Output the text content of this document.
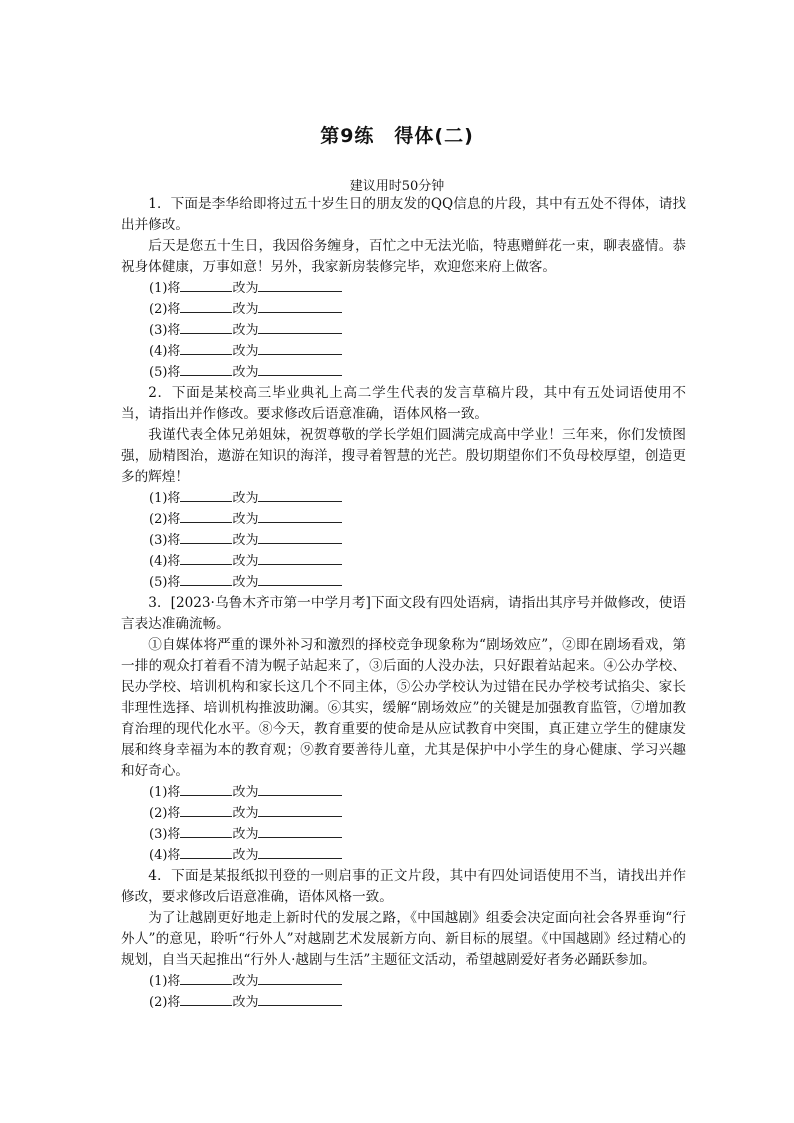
第9练　得体(二)
建议用时50分钟

1．下面是李华给即将过五十岁生日的朋友发的QQ信息的片段，其中有五处不得体，请找出并修改。

后天是您五十生日，我因俗务缠身，百忙之中无法光临，特惠赠鲜花一束，聊表盛情。恭祝身体健康，万事如意！另外，我家新房装修完毕，欢迎您来府上做客。

(1)将	改为
(2)将	改为
(3)将	改为
(4)将	改为
(5)将	改为

2．下面是某校高三毕业典礼上高二学生代表的发言草稿片段，其中有五处词语使用不当，请指出并作修改。要求修改后语意准确，语体风格一致。

我谨代表全体兄弟姐妹，祝贺尊敬的学长学姐们圆满完成高中学业！三年来，你们发愤图强，励精图治，遨游在知识的海洋，搜寻着智慧的光芒。殷切期望你们不负母校厚望，创造更多的辉煌！

(1)将	改为
(2)将	改为
(3)将	改为
(4)将	改为
(5)将	改为

3．[2023·乌鲁木齐市第一中学月考]下面文段有四处语病，请指出其序号并做修改，使语言表达准确流畅。

①自媒体将严重的课外补习和激烈的择校竞争现象称为“剧场效应”，②即在剧场看戏，第一排的观众打着看不清为幌子站起来了，③后面的人没办法，只好跟着站起来。④公办学校、民办学校、培训机构和家长这几个不同主体，⑤公办学校认为过错在民办学校考试掐尖、家长非理性选择、培训机构推波助澜。⑥其实，缓解“剧场效应”的关键是加强教育监管，⑦增加教育治理的现代化水平。⑧今天，教育重要的使命是从应试教育中突围，真正建立学生的健康发展和终身幸福为本的教育观；⑨教育要善待儿童，尤其是保护中小学生的身心健康、学习兴趣和好奇心。

(1)将	改为
(2)将	改为
(3)将	改为
(4)将	改为

4．下面是某报纸拟刊登的一则启事的正文片段，其中有四处词语使用不当，请找出并作修改，要求修改后语意准确，语体风格一致。

为了让越剧更好地走上新时代的发展之路，《中国越剧》组委会决定面向社会各界垂询“行外人”的意见，聆听“行外人”对越剧艺术发展新方向、新目标的展望。《中国越剧》经过精心的规划，自当天起推出“行外人·越剧与生活”主题征文活动，希望越剧爱好者务必踊跃参加。

(1)将	改为
(2)将	改为
